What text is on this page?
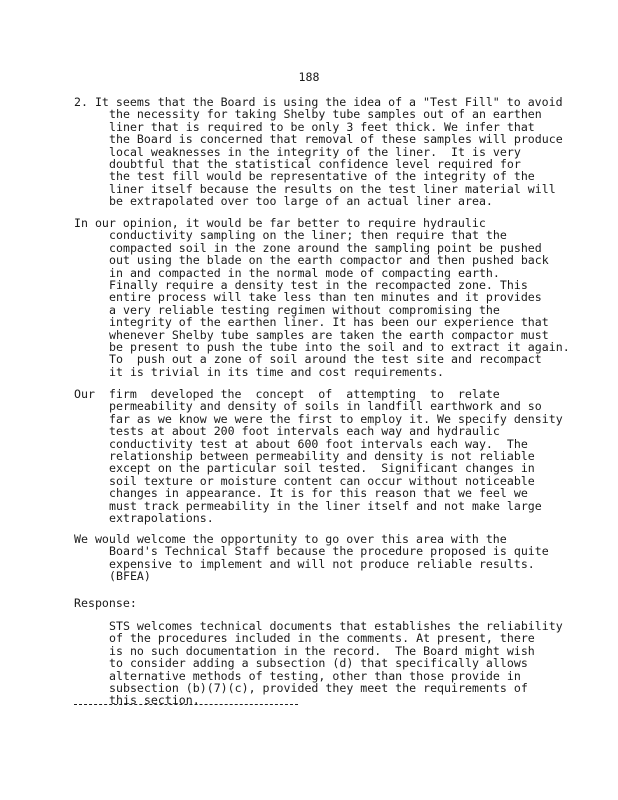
188
2. It seems that the Board is using the idea of a "Test Fill" to avoid
the necessity for taking Shelby tube samples out of an earthen
liner that is required to be only 3 feet thick. We infer that
the Board is concerned that removal of these samples will produce
local weaknesses in the integrity of the liner.  It is very
doubtful that the statistical confidence level required for
the test fill would be representative of the integrity of the
liner itself because the results on the test liner material will
be extrapolated over too large of an actual liner area.
In our opinion, it would be far better to require hydraulic
conductivity sampling on the liner; then require that the
compacted soil in the zone around the sampling point be pushed
out using the blade on the earth compactor and then pushed back
in and compacted in the normal mode of compacting earth.
Finally require a density test in the recompacted zone. This
entire process will take less than ten minutes and it provides
a very reliable testing regimen without compromising the
integrity of the earthen liner. It has been our experience that
whenever Shelby tube samples are taken the earth compactor must
be present to push the tube into the soil and to extract it again.
To  push out a zone of soil around the test site and recompact
it is trivial in its time and cost requirements.
Our  firm  developed the  concept  of  attempting  to  relate
permeability and density of soils in landfill earthwork and so
far as we know we were the first to employ it. We specify density
tests at about 200 foot intervals each way and hydraulic
conductivity test at about 600 foot intervals each way.  The
relationship between permeability and density is not reliable
except on the particular soil tested.  Significant changes in
soil texture or moisture content can occur without noticeable
changes in appearance. It is for this reason that we feel we
must track permeability in the liner itself and not make large
extrapolations.
We would welcome the opportunity to go over this area with the
Board's Technical Staff because the procedure proposed is quite
expensive to implement and will not produce reliable results.
(BFEA)
Response:
STS welcomes technical documents that establishes the reliability
of the procedures included in the comments. At present, there
is no such documentation in the record.  The Board might wish
to consider adding a subsection (d) that specifically allows
alternative methods of testing, other than those provide in
subsection (b)(7)(c), provided they meet the requirements of
this section.
